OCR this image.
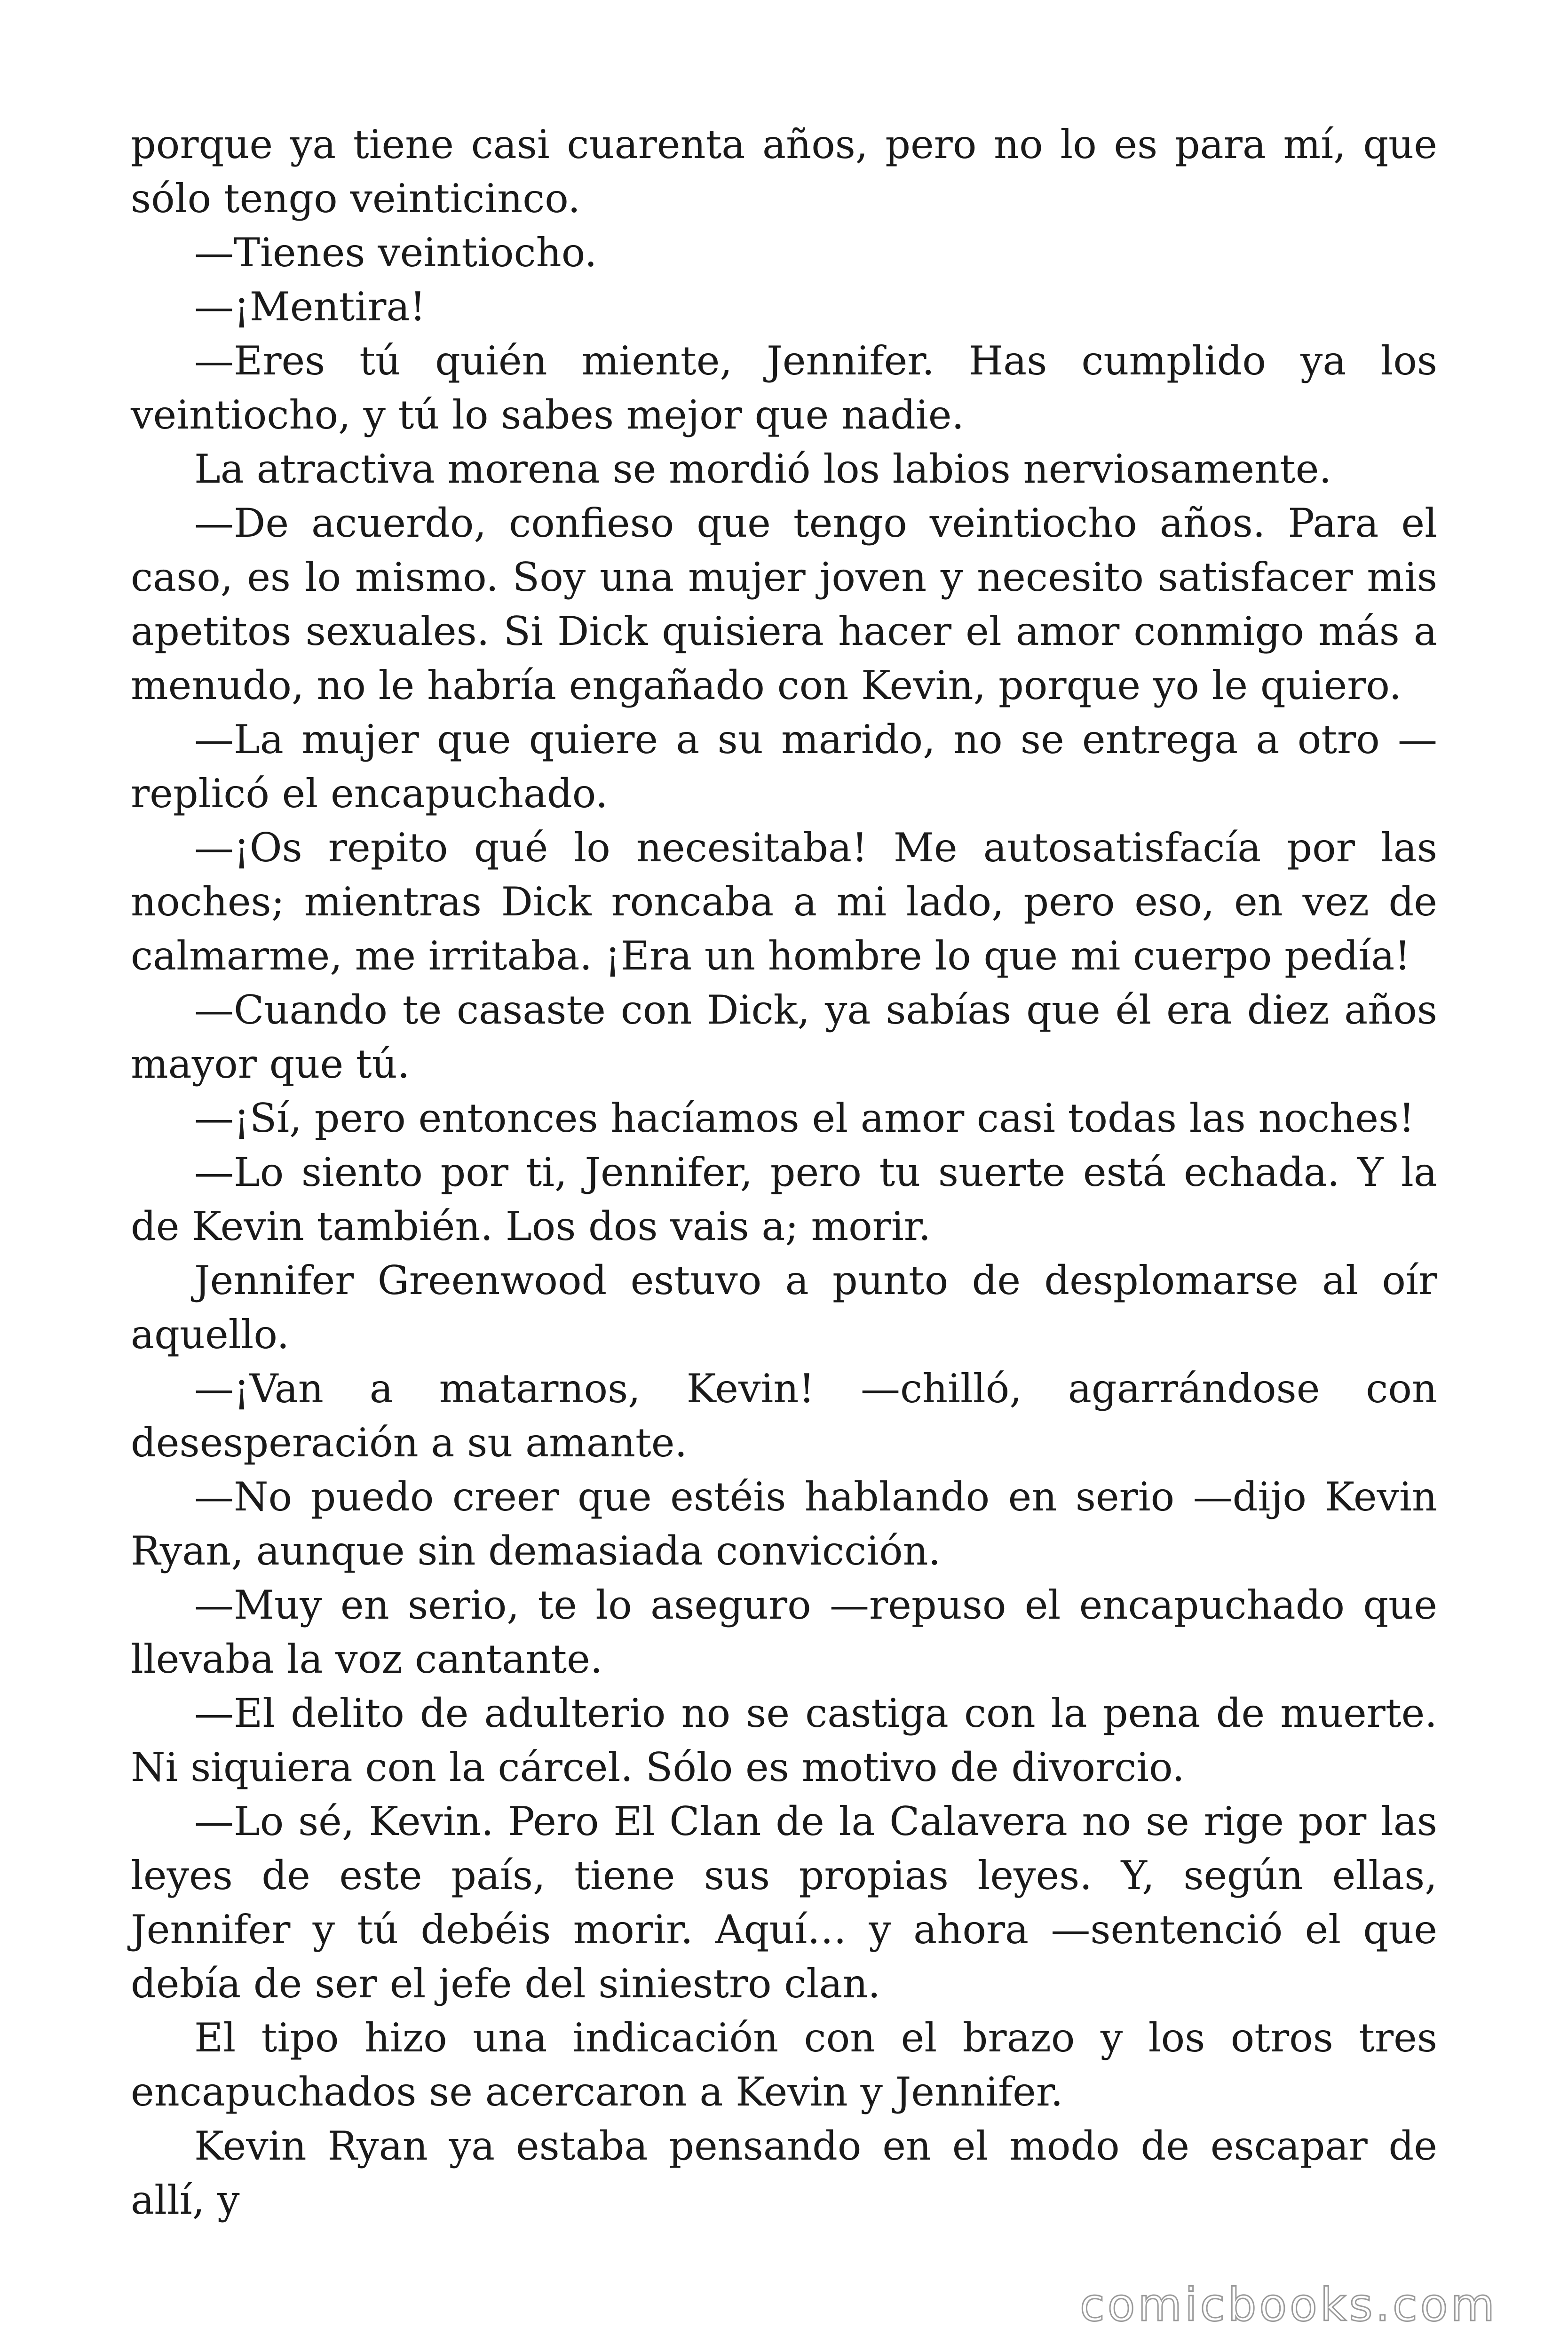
porque ya tiene casi cuarenta años, pero no lo es para mí, que sólo tengo veinticinco.

—Tienes veintiocho.

—¡Mentira!

—Eres tú quién miente, Jennifer. Has cumplido ya los veintiocho, y tú lo sabes mejor que nadie.

La atractiva morena se mordió los labios nerviosamente.

—De acuerdo, confieso que tengo veintiocho años. Para el caso, es lo mismo. Soy una mujer joven y necesito satisfacer mis apetitos sexuales. Si Dick quisiera hacer el amor conmigo más a menudo, no le habría engañado con Kevin, porque yo le quiero.

—La mujer que quiere a su marido, no se entrega a otro —replicó el encapuchado.

—¡Os repito qué lo necesitaba! Me autosatisfacía por las noches; mientras Dick roncaba a mi lado, pero eso, en vez de calmarme, me irritaba. ¡Era un hombre lo que mi cuerpo pedía!

—Cuando te casaste con Dick, ya sabías que él era diez años mayor que tú.

—¡Sí, pero entonces hacíamos el amor casi todas las noches!

—Lo siento por ti, Jennifer, pero tu suerte está echada. Y la de Kevin también. Los dos vais a; morir.

Jennifer Greenwood estuvo a punto de desplomarse al oír aquello.

—¡Van a matarnos, Kevin! —chilló, agarrándose con desesperación a su amante.

—No puedo creer que estéis hablando en serio —dijo Kevin Ryan, aunque sin demasiada convicción.

—Muy en serio, te lo aseguro —repuso el encapuchado que llevaba la voz cantante.

—El delito de adulterio no se castiga con la pena de muerte. Ni siquiera con la cárcel. Sólo es motivo de divorcio.

—Lo sé, Kevin. Pero El Clan de la Calavera no se rige por las leyes de este país, tiene sus propias leyes. Y, según ellas, Jennifer y tú debéis morir. Aquí… y ahora —sentenció el que debía de ser el jefe del siniestro clan.

El tipo hizo una indicación con el brazo y los otros tres encapuchados se acercaron a Kevin y Jennifer.

Kevin Ryan ya estaba pensando en el modo de escapar de allí, y

comicbooks.com
